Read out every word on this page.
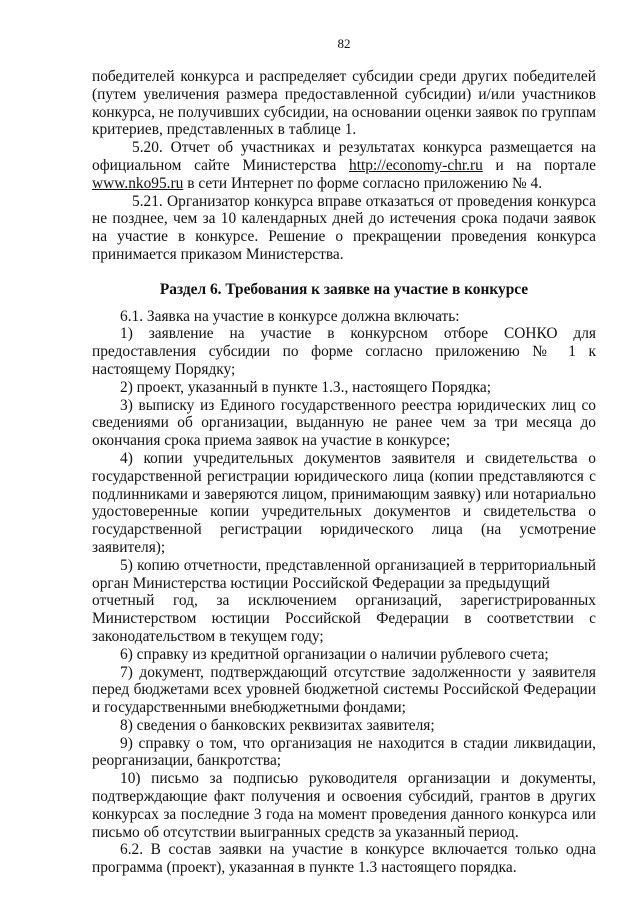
82

победителей конкурса и распределяет субсидии среди других победителей (путем увеличения размера предоставленной субсидии) и/или участников конкурса, не получивших субсидии, на основании оценки заявок по группам критериев, представленных в таблице 1.

5.20. Отчет об участниках и результатах конкурса размещается на официальном сайте Министерства http://economy-chr.ru и на портале www.nko95.ru в сети Интернет по форме согласно приложению № 4.

5.21. Организатор конкурса вправе отказаться от проведения конкурса не позднее, чем за 10 календарных дней до истечения срока подачи заявок на участие в конкурсе. Решение о прекращении проведения конкурса принимается приказом Министерства.

Раздел 6. Требования к заявке на участие в конкурсе

6.1. Заявка на участие в конкурсе должна включать:

1) заявление на участие в конкурсном отборе СОНКО для предоставления субсидии по форме согласно приложению № 1 к настоящему Порядку;

2) проект, указанный в пункте 1.3., настоящего Порядка;

3) выписку из Единого государственного реестра юридических лиц со сведениями об организации, выданную не ранее чем за три месяца до окончания срока приема заявок на участие в конкурсе;

4) копии учредительных документов заявителя и свидетельства о государственной регистрации юридического лица (копии представляются с подлинниками и заверяются лицом, принимающим заявку) или нотариально удостоверенные копии учредительных документов и свидетельства о государственной регистрации юридического лица (на усмотрение заявителя);

5) копию отчетности, представленной организацией в территориальный орган Министерства юстиции Российской Федерации за предыдущий

отчетный год, за исключением организаций, зарегистрированных

Министерством юстиции Российской Федерации в соответствии с законодательством в текущем году;

6) справку из кредитной организации о наличии рублевого счета;

7) документ, подтверждающий отсутствие задолженности у заявителя перед бюджетами всех уровней бюджетной системы Российской Федерации и государственными внебюджетными фондами;

8) сведения о банковских реквизитах заявителя;

9) справку о том, что организация не находится в стадии ликвидации, реорганизации, банкротства;

10) письмо за подписью руководителя организации и документы, подтверждающие факт получения и освоения субсидий, грантов в других конкурсах за последние 3 года на момент проведения данного конкурса или письмо об отсутствии выигранных средств за указанный период.

6.2. В состав заявки на участие в конкурсе включается только одна программа (проект), указанная в пункте 1.3 настоящего порядка.
